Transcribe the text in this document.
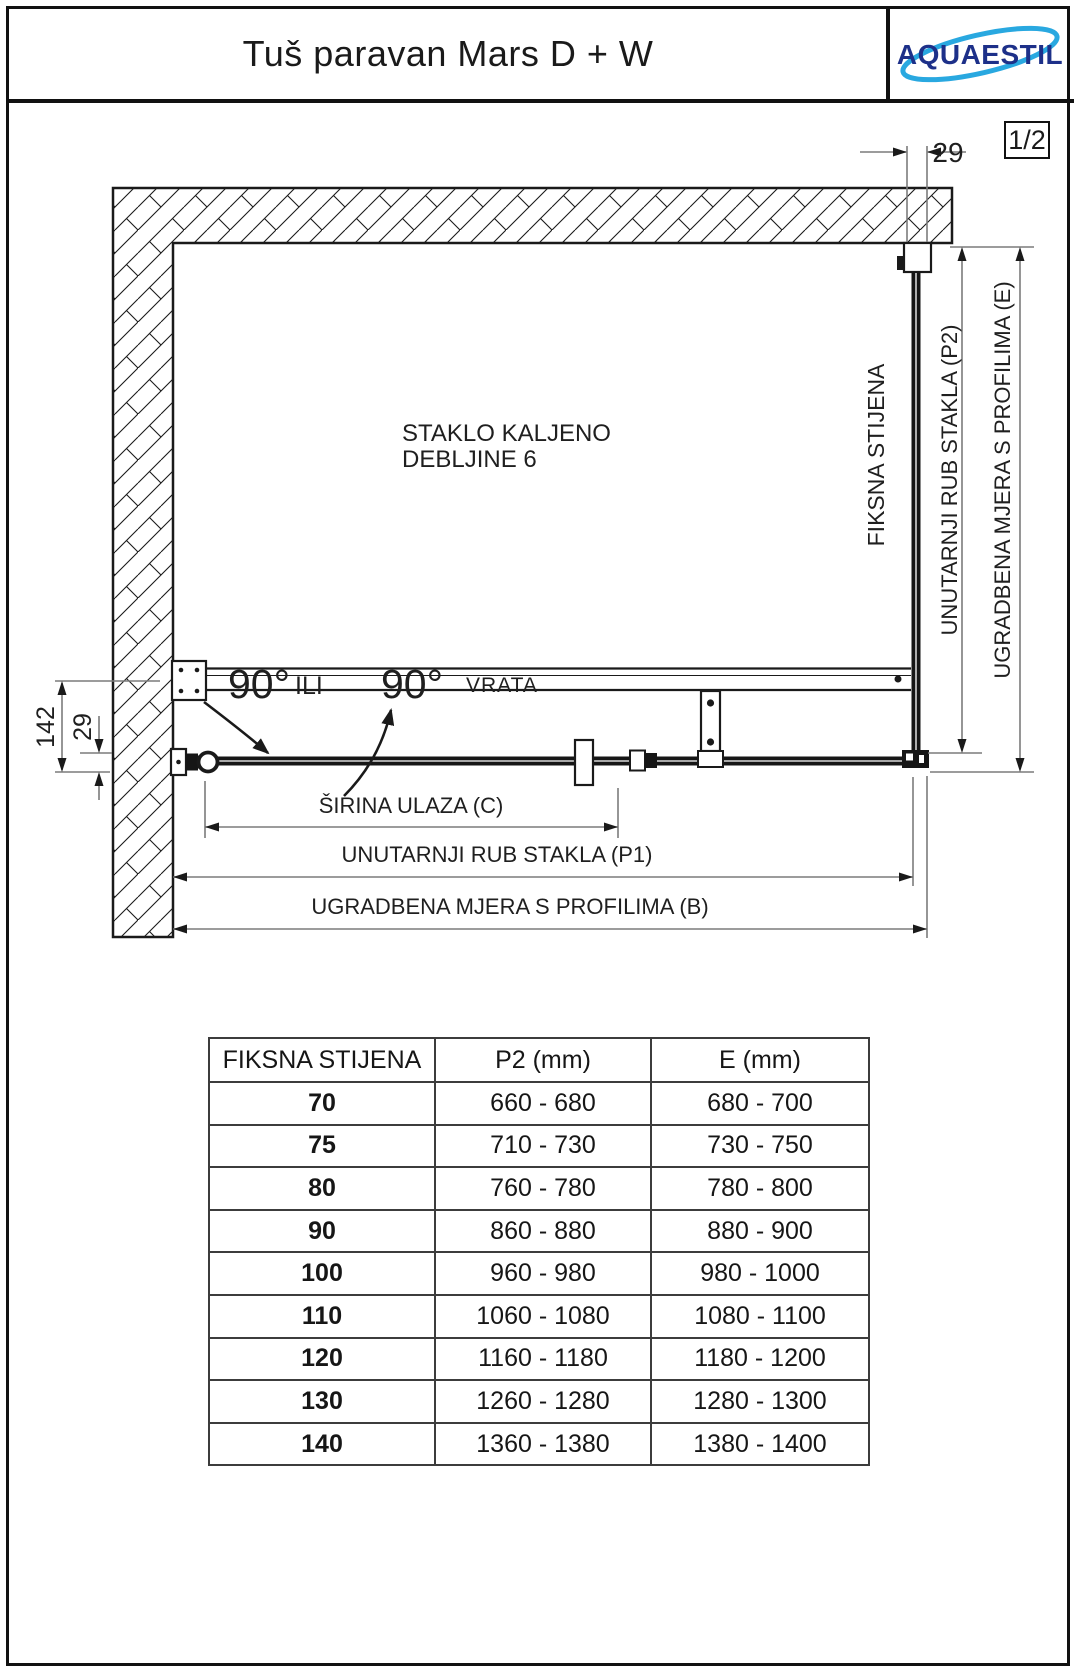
Tuš paravan Mars D + W	AQUAESTIL
1/2
STAKLO KALJENO
DEBLJINE 6
90° ILI 90° VRATA
29
FIKSNA STIJENA UNUTARNJI RUB STAKLA (P2) UGRADBENA MJERA S PROFILIMA (E)
142 29
ŠIRINA ULAZA (C)
UNUTARNJI RUB STAKLA (P1)
UGRADBENA MJERA S PROFILIMA (B)
FIKSNA STIJENA	P2 (mm)	E (mm)
70	660 - 680	680 - 700
75	710 - 730	730 - 750
80	760 - 780	780 - 800
90	860 - 880	880 - 900
100	960 - 980	980 - 1000
110	1060 - 1080	1080 - 1100
120	1160 - 1180	1180 - 1200
130	1260 - 1280	1280 - 1300
140	1360 - 1380	1380 - 1400
